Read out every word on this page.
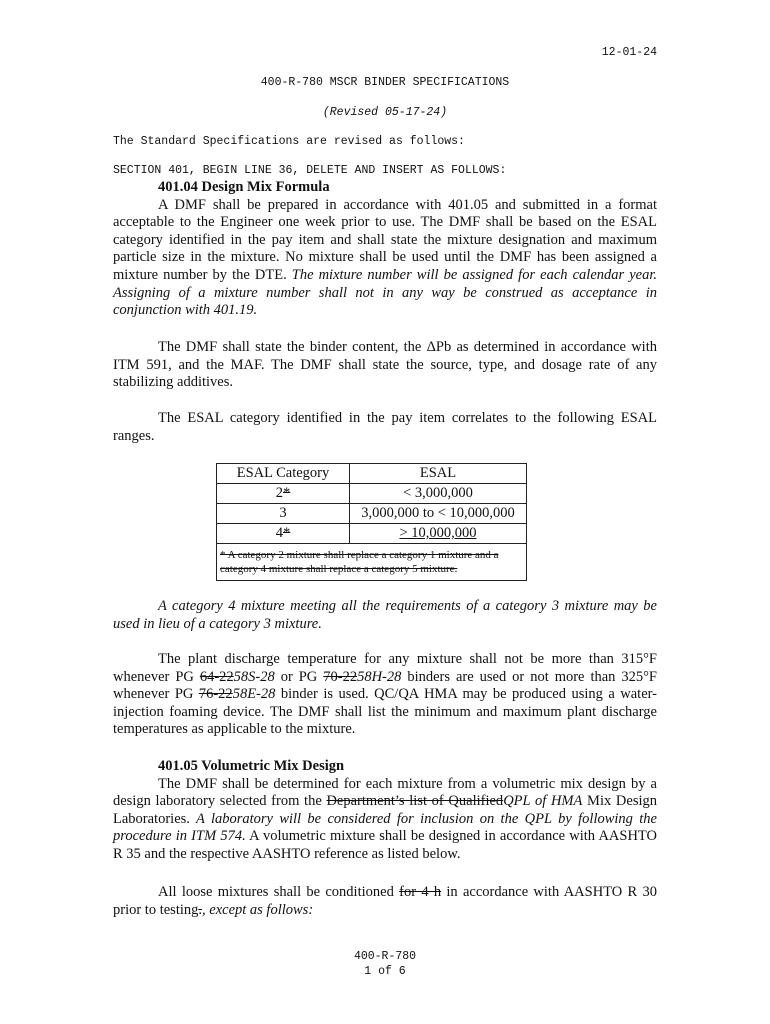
12-01-24
400-R-780 MSCR BINDER SPECIFICATIONS
(Revised 05-17-24)
The Standard Specifications are revised as follows:
SECTION 401, BEGIN LINE 36, DELETE AND INSERT AS FOLLOWS:

401.04 Design Mix Formula

A DMF shall be prepared in accordance with 401.05 and submitted in a format acceptable to the Engineer one week prior to use. The DMF shall be based on the ESAL category identified in the pay item and shall state the mixture designation and maximum particle size in the mixture. No mixture shall be used until the DMF has been assigned a mixture number by the DTE. The mixture number will be assigned for each calendar year. Assigning of a mixture number shall not in any way be construed as acceptance in conjunction with 401.19.

The DMF shall state the binder content, the ΔPb as determined in accordance with ITM 591, and the MAF. The DMF shall state the source, type, and dosage rate of any stabilizing additives.

The ESAL category identified in the pay item correlates to the following ESAL ranges.

ESAL Category	ESAL
2*	< 3,000,000
3	3,000,000 to < 10,000,000
4*	> 10,000,000
* A category 2 mixture shall replace a category 1 mixture and a category 4 mixture shall replace a category 5 mixture.	

A category 4 mixture meeting all the requirements of a category 3 mixture may be used in lieu of a category 3 mixture.

The plant discharge temperature for any mixture shall not be more than 315°F whenever PG 64-2258S-28 or PG 70-2258H-28 binders are used or not more than 325°F whenever PG 76-2258E-28 binder is used. QC/QA HMA may be produced using a water-injection foaming device. The DMF shall list the minimum and maximum plant discharge temperatures as applicable to the mixture.

401.05 Volumetric Mix Design

The DMF shall be determined for each mixture from a volumetric mix design by a design laboratory selected from the Department’s list of QualifiedQPL of HMA Mix Design Laboratories. A laboratory will be considered for inclusion on the QPL by following the procedure in ITM 574. A volumetric mixture shall be designed in accordance with AASHTO R 35 and the respective AASHTO reference as listed below.

All loose mixtures shall be conditioned for 4 h in accordance with AASHTO R 30 prior to testing., except as follows:

400-R-780
1 of 6
